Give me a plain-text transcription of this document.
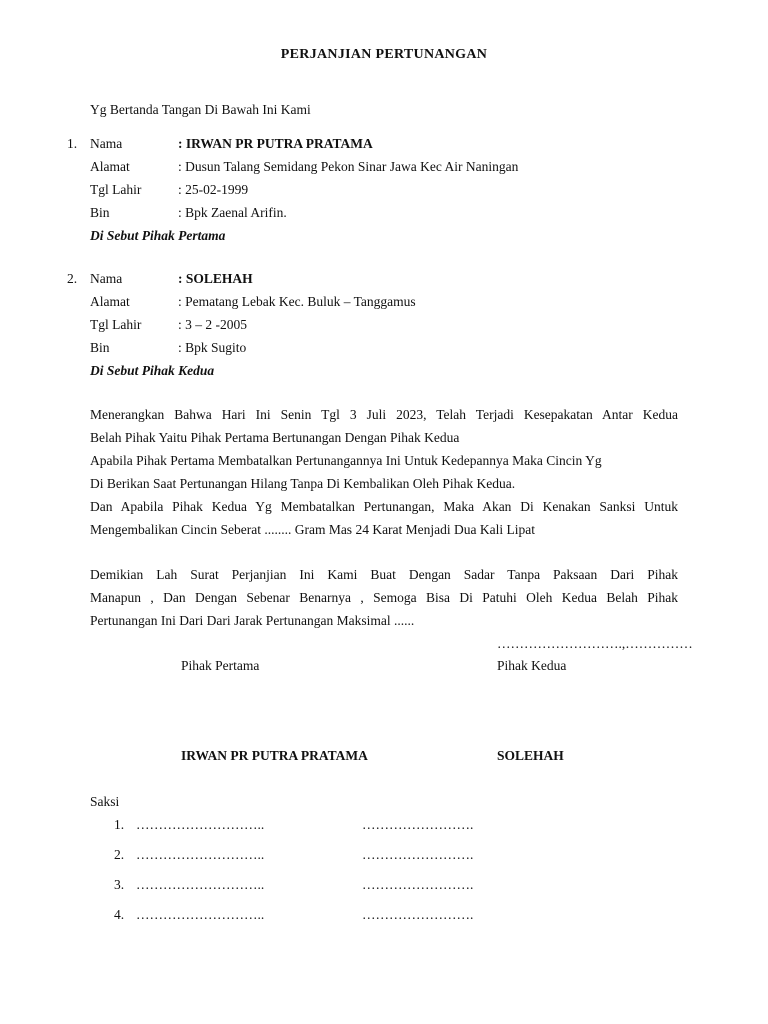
PERJANJIAN PERTUNANGAN
Yg Bertanda Tangan Di Bawah Ini Kami
1. Nama	: IRWAN PR PUTRA PRATAMA
Alamat	: Dusun Talang Semidang Pekon Sinar Jawa Kec Air Naningan
Tgl Lahir	: 25-02-1999
Bin	: Bpk Zaenal Arifin.
Di Sebut Pihak Pertama
2. Nama	: SOLEHAH
Alamat	: Pematang Lebak Kec. Buluk – Tanggamus
Tgl Lahir	: 3 – 2 -2005
Bin	: Bpk Sugito
Di Sebut Pihak Kedua
Menerangkan Bahwa Hari Ini Senin Tgl 3 Juli 2023, Telah Terjadi Kesepakatan Antar Kedua
Belah Pihak Yaitu Pihak Pertama Bertunangan Dengan Pihak Kedua
Apabila Pihak Pertama Membatalkan Pertunangannya Ini Untuk Kedepannya Maka Cincin Yg
Di Berikan Saat Pertunangan Hilang Tanpa Di Kembalikan Oleh Pihak Kedua.
Dan Apabila Pihak Kedua Yg Membatalkan Pertunangan, Maka Akan Di Kenakan Sanksi Untuk
Mengembalikan Cincin Seberat ........ Gram Mas 24 Karat Menjadi Dua Kali Lipat
Demikian Lah Surat Perjanjian Ini Kami Buat Dengan Sadar Tanpa Paksaan Dari Pihak
Manapun , Dan Dengan Sebenar Benarnya , Semoga Bisa Di Patuhi Oleh Kedua Belah Pihak
Pertunangan Ini Dari Dari Jarak Pertunangan Maksimal ......
……………………….,……………
Pihak Pertama	Pihak Kedua
IRWAN PR PUTRA PRATAMA	SOLEHAH
Saksi
1. ………………………..	…………………….
2. ………………………..	…………………….
3. ………………………..	…………………….
4. ………………………..	…………………….
